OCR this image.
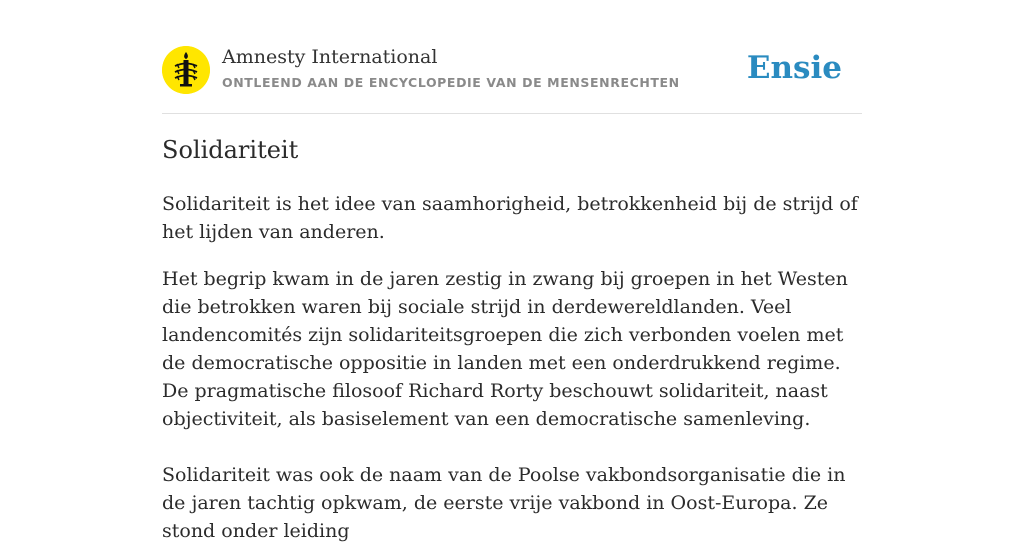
Amnesty International
ONTLEEND AAN DE ENCYCLOPEDIE VAN DE MENSENRECHTEN Ensie
Solidariteit

Solidariteit is het idee van saamhorigheid, betrokkenheid bij de strijd of het lijden van anderen.

Het begrip kwam in de jaren zestig in zwang bij groepen in het Westen die betrokken waren bij sociale strijd in derdewereldlanden. Veel landencomités zijn solidariteitsgroepen die zich verbonden voelen met de democratische oppositie in landen met een onderdrukkend regime. De pragmatische filosoof Richard Rorty beschouwt solidariteit, naast objectiviteit, als basiselement van een democratische samenleving.

Solidariteit was ook de naam van de Poolse vakbondsorganisatie die in de jaren tachtig opkwam, de eerste vrije vakbond in Oost-Europa. Ze stond onder leiding
